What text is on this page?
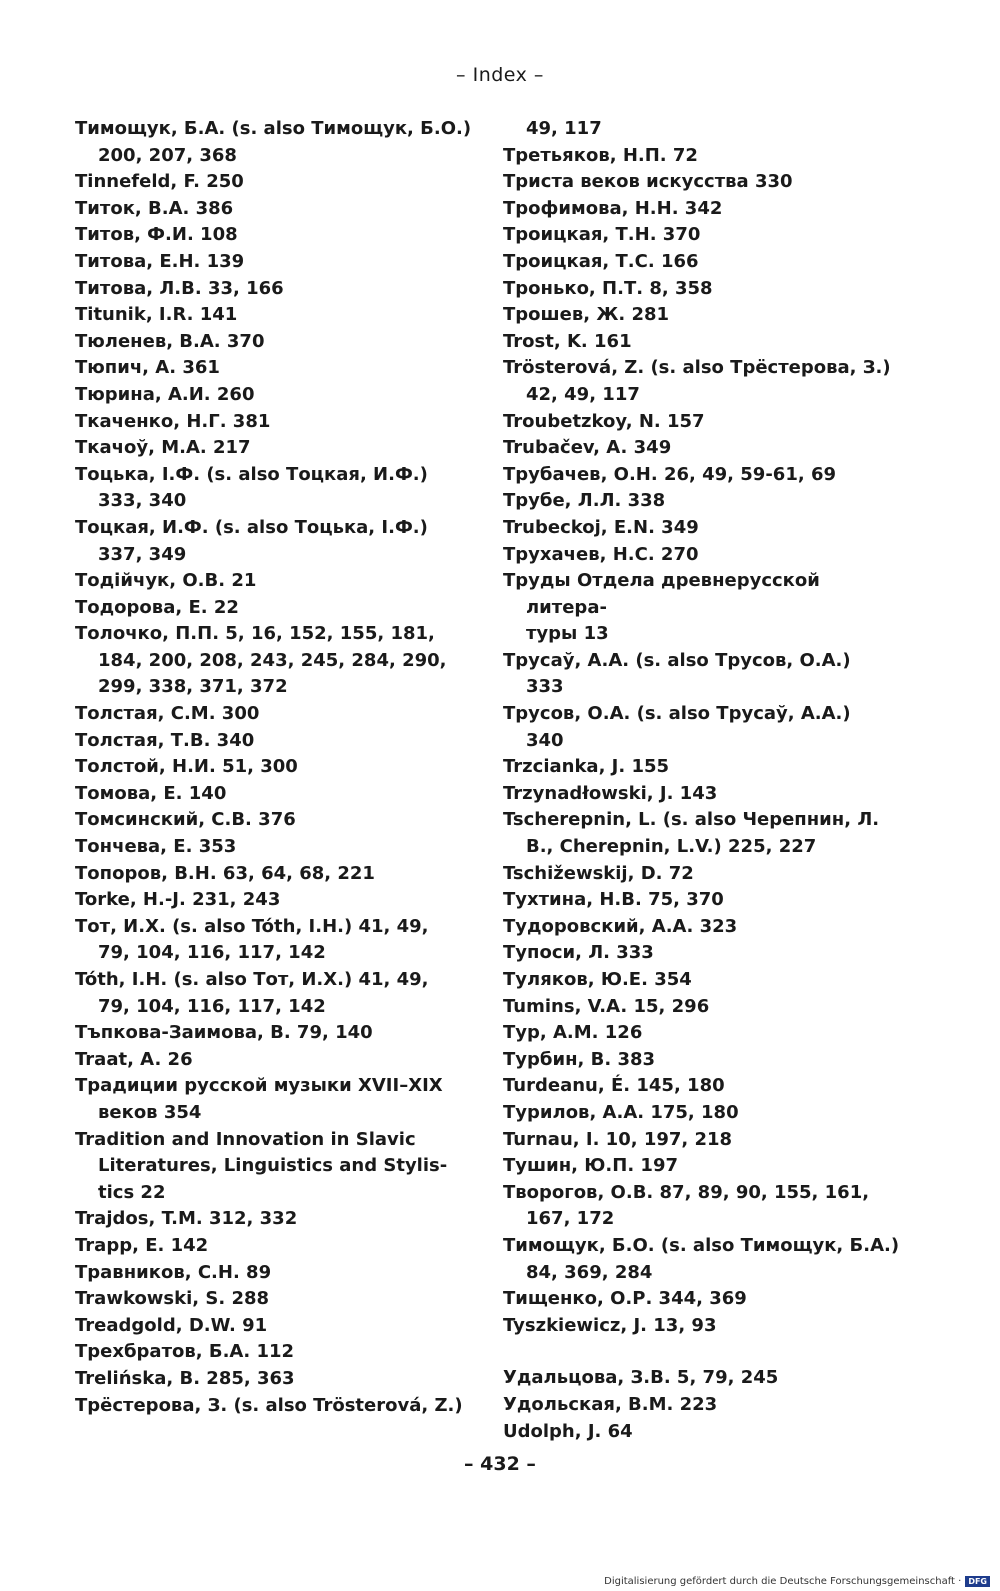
– Index –
Тимощук, Б.А. (s. also Тимощук, Б.О.)
200, 207, 368
Tinnefeld, F. 250
Титок, В.А. 386
Титов, Ф.И. 108
Титова, Е.Н. 139
Титова, Л.В. 33, 166
Titunik, I.R. 141
Тюленев, В.А. 370
Тюпич, А. 361
Тюрина, А.И. 260
Ткаченко, Н.Г. 381
Ткачоў, М.А. 217
Тоцька, І.Ф. (s. also Тоцкая, И.Ф.)
333, 340
Тоцкая, И.Ф. (s. also Тоцька, І.Ф.)
337, 349
Тодійчук, О.В. 21
Тодорова, Е. 22
Толочко, П.П. 5, 16, 152, 155, 181,
184, 200, 208, 243, 245, 284, 290,
299, 338, 371, 372
Толстая, С.М. 300
Толстая, Т.В. 340
Толстой, Н.И. 51, 300
Томова, Е. 140
Томсинский, С.В. 376
Тончева, Е. 353
Топоров, В.Н. 63, 64, 68, 221
Torke, H.-J. 231, 243
Тот, И.Х. (s. also Tóth, I.H.) 41, 49,
79, 104, 116, 117, 142
Tóth, I.H. (s. also Тот, И.Х.) 41, 49,
79, 104, 116, 117, 142
Тъпкова-Заимова, В. 79, 140
Traat, A. 26
Традиции русской музыки XVII–XIX
веков 354
Tradition and Innovation in Slavic
Literatures, Linguistics and Stylis-
tics 22
Trajdos, T.M. 312, 332
Trapp, E. 142
Травников, С.Н. 89
Trawkowski, S. 288
Treadgold, D.W. 91
Трехбратов, Б.А. 112
Trelińska, B. 285, 363
Трёстерова, З. (s. also Trösterová, Z.)
49, 117
Третьяков, Н.П. 72
Триста веков искусства 330
Трофимова, Н.Н. 342
Троицкая, Т.Н. 370
Троицкая, Т.С. 166
Тронько, П.Т. 8, 358
Трошев, Ж. 281
Trost, K. 161
Trösterová, Z. (s. also Трёстерова, З.)
42, 49, 117
Troubetzkoy, N. 157
Trubačev, A. 349
Трубачев, О.Н. 26, 49, 59-61, 69
Трубе, Л.Л. 338
Trubeckoj, E.N. 349
Трухачев, Н.С. 270
Труды Отдела древнерусской литера-
туры 13
Трусаў, А.А. (s. also Трусов, О.А.)
333
Трусов, О.А. (s. also Трусаў, А.А.)
340
Trzcianka, J. 155
Trzynadłowski, J. 143
Tscherepnin, L. (s. also Черепнин, Л.
В., Cherepnin, L.V.) 225, 227
Tschižewskij, D. 72
Тухтина, Н.В. 75, 370
Тудоровский, А.А. 323
Тупоси, Л. 333
Туляков, Ю.Е. 354
Tumins, V.A. 15, 296
Тур, А.М. 126
Турбин, В. 383
Turdeanu, É. 145, 180
Турилов, А.А. 175, 180
Turnau, I. 10, 197, 218
Тушин, Ю.П. 197
Творогов, О.В. 87, 89, 90, 155, 161,
167, 172
Тимощук, Б.О. (s. also Тимощук, Б.А.)
84, 369, 284
Тищенко, О.Р. 344, 369
Tyszkiewicz, J. 13, 93
Удальцова, З.В. 5, 79, 245
Удольская, В.М. 223
Udolph, J. 64
– 432 –
Digitalisierung gefördert durch die Deutsche Forschungsgemeinschaft · DFG
